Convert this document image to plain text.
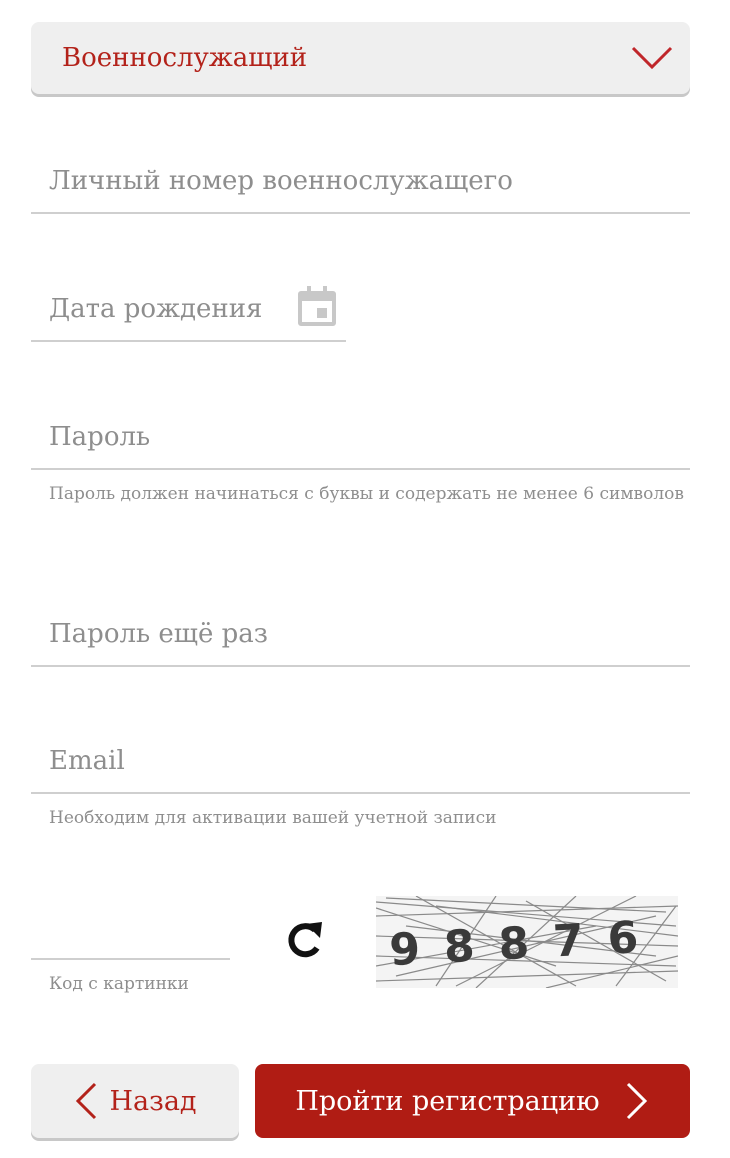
Военнослужащий
Личный номер военнослужащего
Дата рождения
Пароль должен начинаться с буквы и содержать не менее 6 символов
Email
Необходим для активации вашей учетной записи
Код с картинки
98876
Назад	Пройти регистрацию
